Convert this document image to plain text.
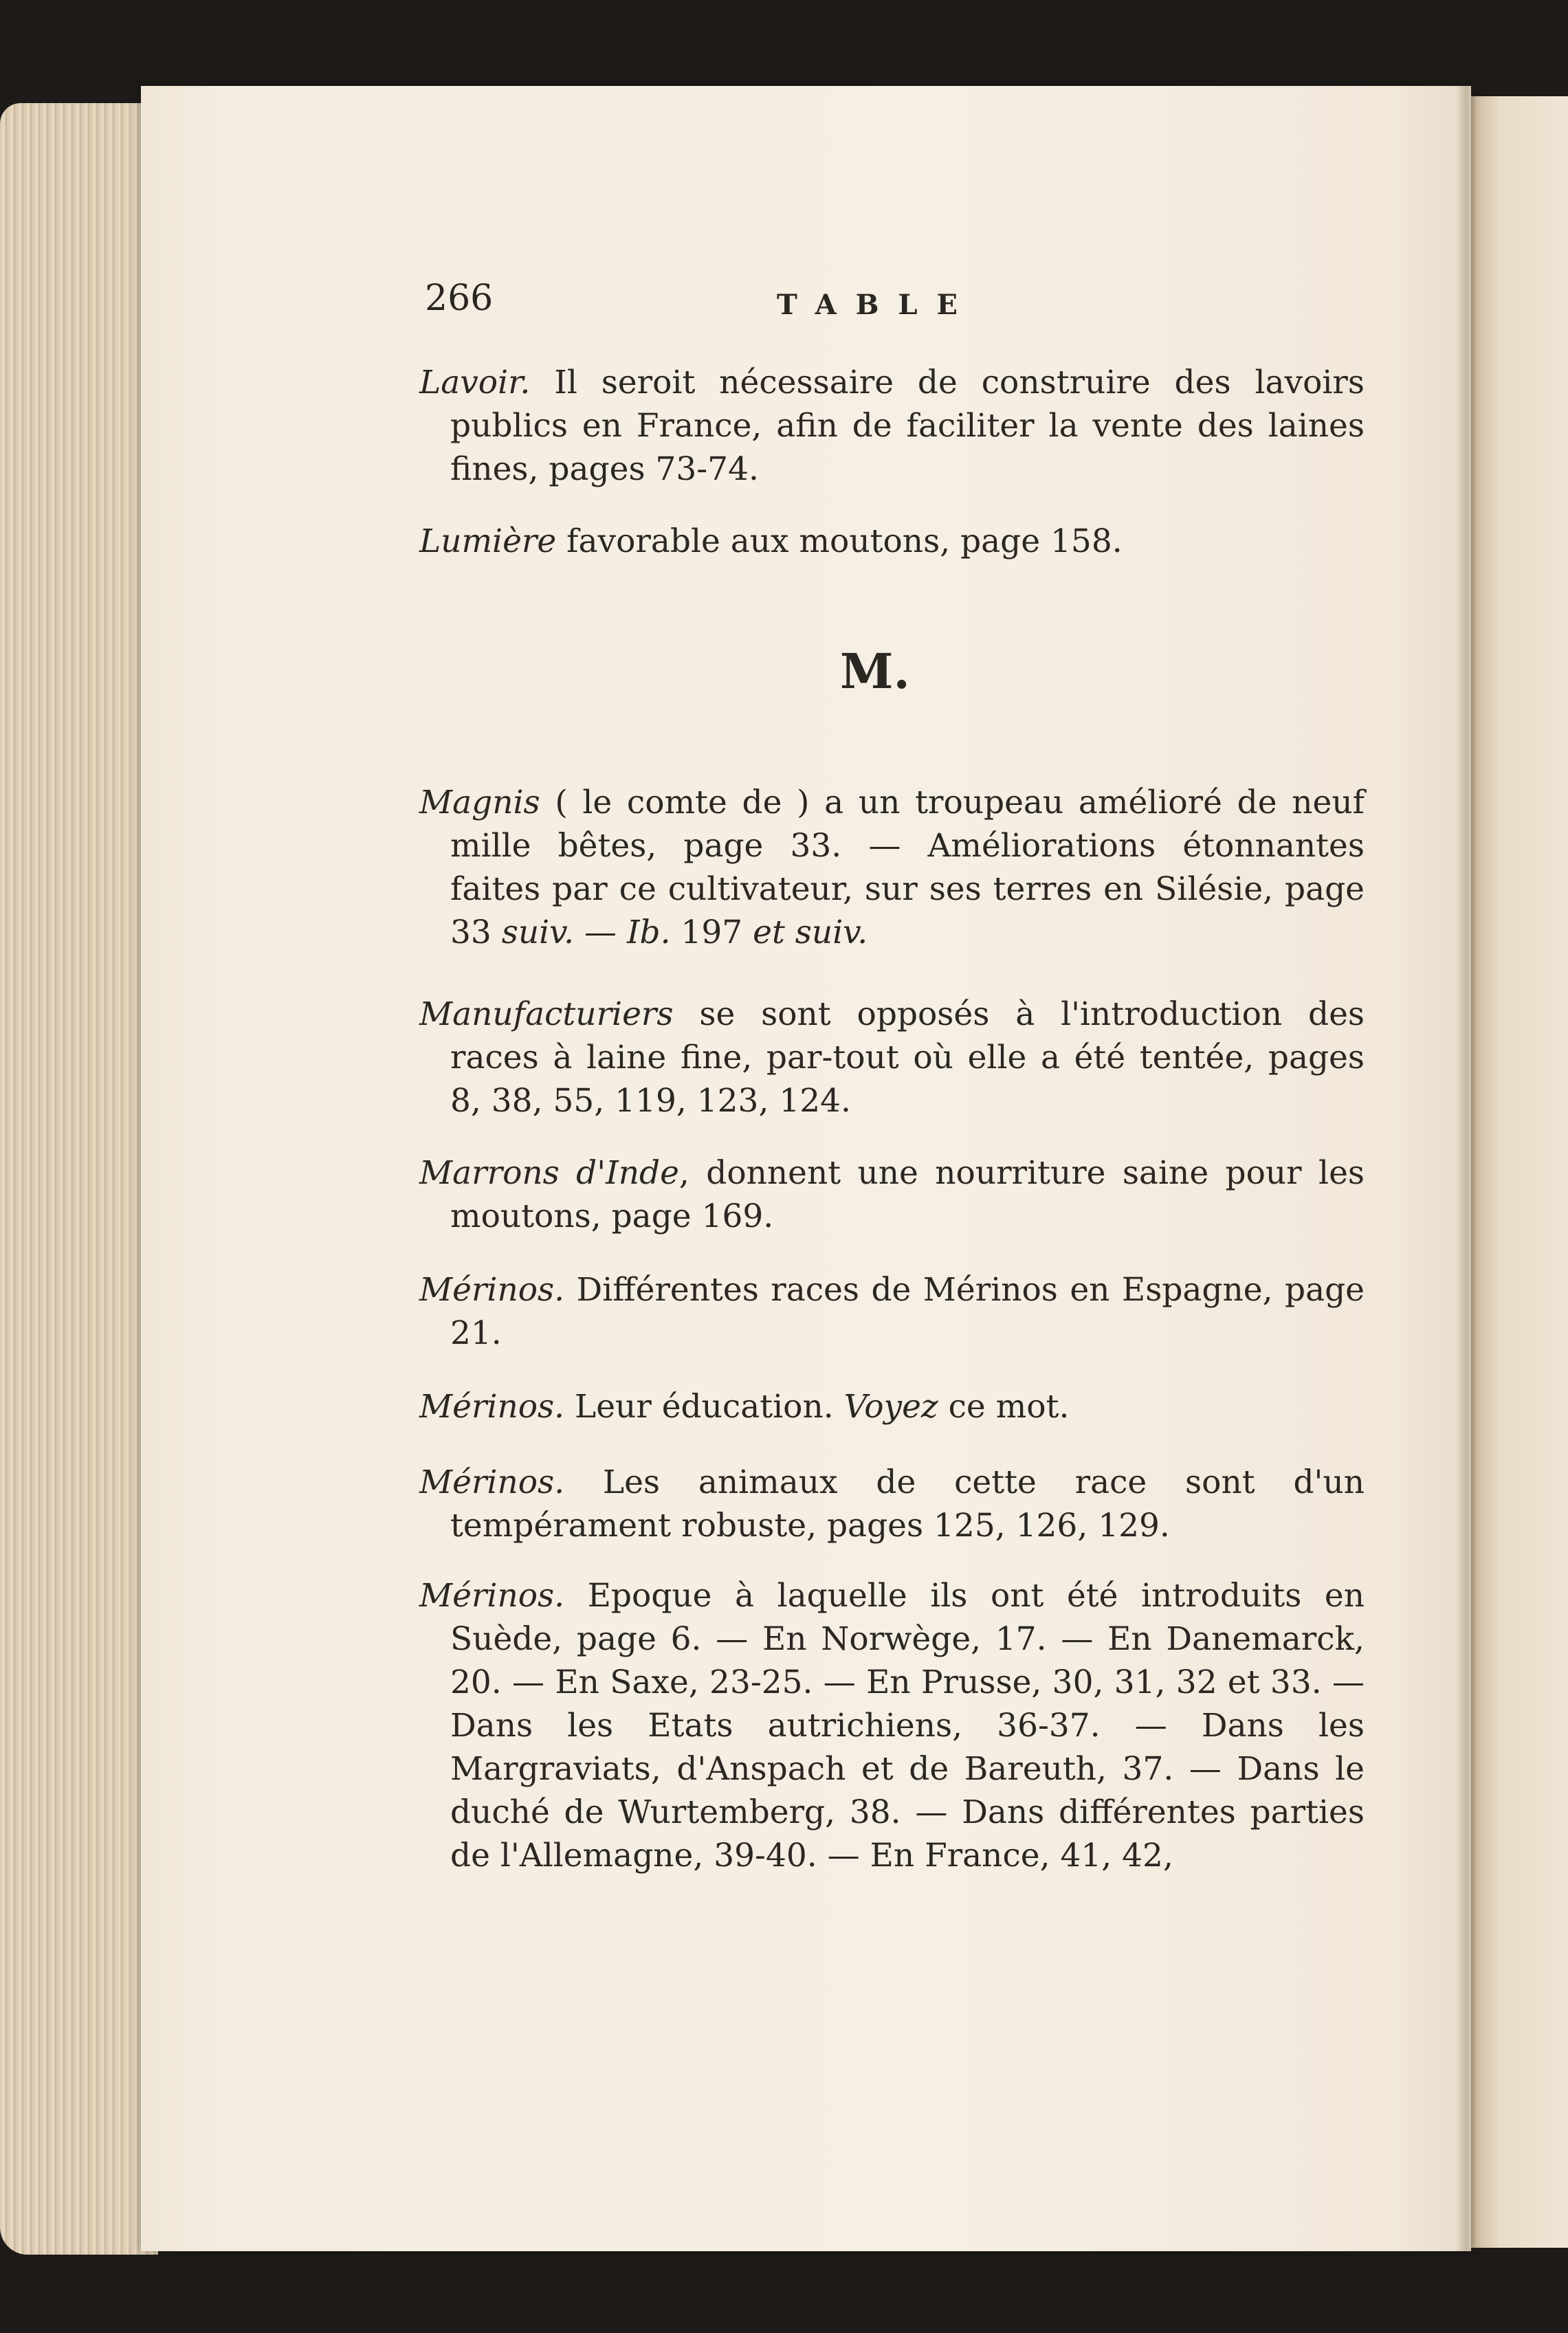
266	TABLE
Lavoir. Il seroit nécessaire de construire des lavoirs publics en France, afin de faciliter la vente des laines fines, pages 73-74.
Lumière favorable aux moutons, page 158.
M.
Magnis ( le comte de ) a un troupeau amélioré de neuf mille bêtes, page 33. — Améliorations étonnantes faites par ce cultivateur, sur ses terres en Silésie, page 33 suiv. — Ib. 197 et suiv.
Manufacturiers se sont opposés à l'introduction des races à laine fine, par-tout où elle a été tentée, pages 8, 38, 55, 119, 123, 124.
Marrons d'Inde, donnent une nourriture saine pour les moutons, page 169.
Mérinos. Différentes races de Mérinos en Espagne, page 21.
Mérinos. Leur éducation. Voyez ce mot.
Mérinos. Les animaux de cette race sont d'un tempérament robuste, pages 125, 126, 129.
Mérinos. Epoque à laquelle ils ont été introduits en Suède, page 6. — En Norwège, 17. — En Danemarck, 20. — En Saxe, 23-25. — En Prusse, 30, 31, 32 et 33. — Dans les Etats autrichiens, 36-37. — Dans les Margraviats, d'Anspach et de Bareuth, 37. — Dans le duché de Wurtemberg, 38. — Dans différentes parties de l'Allemagne, 39-40. — En France, 41, 42,
